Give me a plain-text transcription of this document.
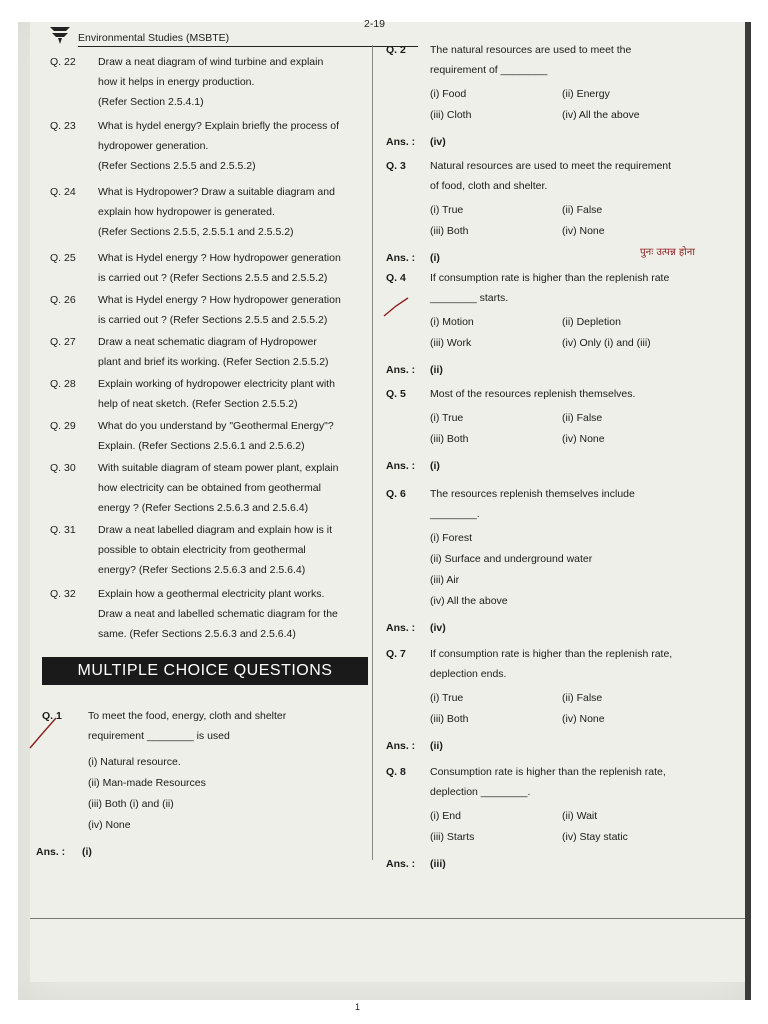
Environmental Studies (MSBTE)
2-19
Q. 22 Draw a neat diagram of wind turbine and explain
how it helps in energy production.
(Refer Section 2.5.4.1)
Q. 23 What is hydel energy? Explain briefly the process of
hydropower generation.
(Refer Sections 2.5.5 and 2.5.5.2)
Q. 24 What is Hydropower? Draw a suitable diagram and
explain how hydropower is generated.
(Refer Sections 2.5.5, 2.5.5.1 and 2.5.5.2)
Q. 25 What is Hydel energy ? How hydropower generation
is carried out ? (Refer Sections 2.5.5 and 2.5.5.2)
Q. 26 What is Hydel energy ? How hydropower generation
is carried out ? (Refer Sections 2.5.5 and 2.5.5.2)
Q. 27 Draw a neat schematic diagram of Hydropower
plant and brief its working. (Refer Section 2.5.5.2)
Q. 28 Explain working of hydropower electricity plant with
help of neat sketch. (Refer Section 2.5.5.2)
Q. 29 What do you understand by "Geothermal Energy"?
Explain. (Refer Sections 2.5.6.1 and 2.5.6.2)
Q. 30 With suitable diagram of steam power plant, explain
how electricity can be obtained from geothermal
energy ? (Refer Sections 2.5.6.3 and 2.5.6.4)
Q. 31 Draw a neat labelled diagram and explain how is it
possible to obtain electricity from geothermal
energy? (Refer Sections 2.5.6.3 and 2.5.6.4)
Q. 32 Explain how a geothermal electricity plant works.
Draw a neat and labelled schematic diagram for the
same. (Refer Sections 2.5.6.3 and 2.5.6.4)
MULTIPLE CHOICE QUESTIONS
Q. 1 To meet the food, energy, cloth and shelter
requirement ________ is used
(i) Natural resource.
(ii) Man-made Resources
(iii) Both (i) and (ii)
(iv) None
Ans. : (i)
Q. 2 The natural resources are used to meet the
requirement of ________
(i) Food	(ii) Energy
(iii) Cloth	(iv) All the above
Ans. : (iv)
Q. 3 Natural resources are used to meet the requirement
of food, cloth and shelter.
(i) True	(ii) False
(iii) Both	(iv) None
Ans. : (i)
Q. 4 If consumption rate is higher than the replenish rate
________ starts.
(i) Motion	(ii) Depletion
(iii) Work	(iv) Only (i) and (iii)
Ans. : (ii)
Q. 5 Most of the resources replenish themselves.
(i) True	(ii) False
(iii) Both	(iv) None
Ans. : (i)
Q. 6 The resources replenish themselves include
________.
(i) Forest
(ii) Surface and underground water
(iii) Air
(iv) All the above
Ans. : (iv)
Q. 7 If consumption rate is higher than the replenish rate,
deplection ends.
(i) True	(ii) False
(iii) Both	(iv) None
Ans. : (ii)
Q. 8 Consumption rate is higher than the replenish rate,
deplection ________.
(i) End	(ii) Wait
(iii) Starts	(iv) Stay static
Ans. : (iii)
पुनः उत्पन्न होना
1
